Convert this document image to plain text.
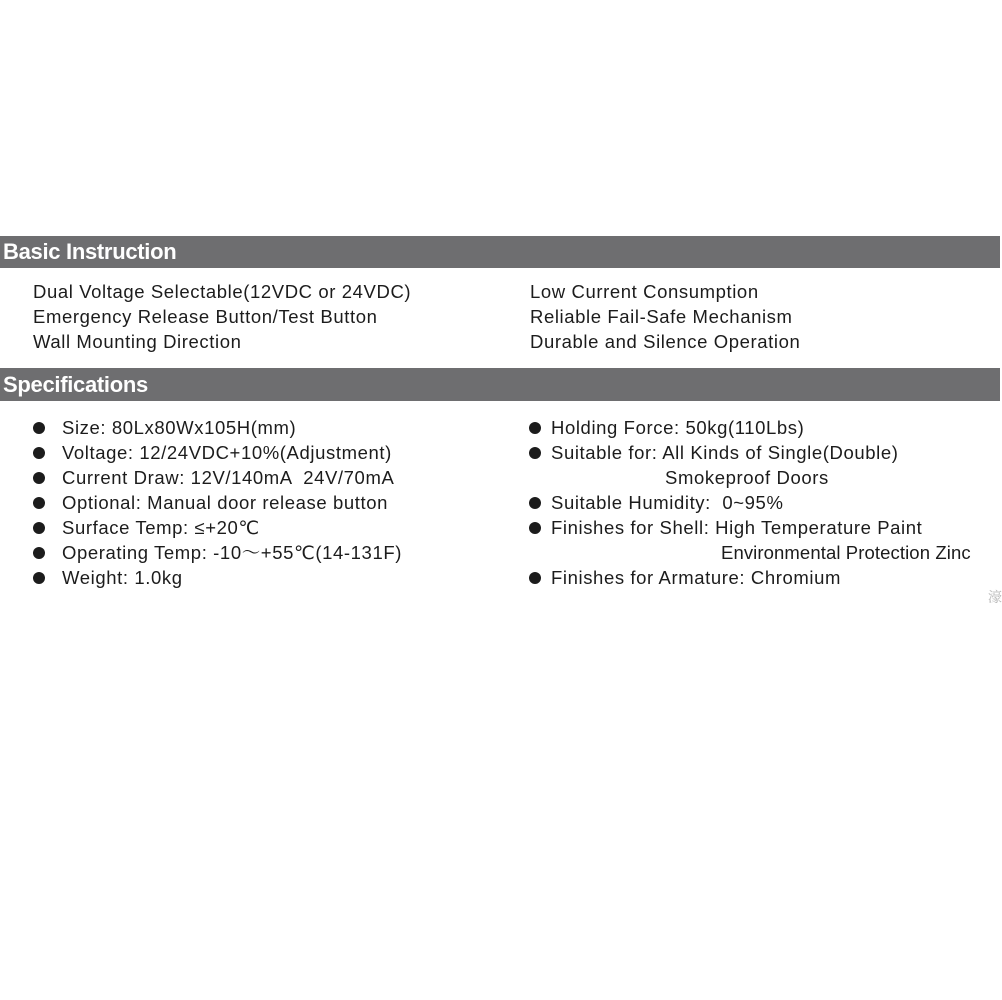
Basic Instruction
Dual Voltage Selectable(12VDC or 24VDC)
Emergency Release Button/Test Button
Wall Mounting Direction
Low Current Consumption
Reliable Fail-Safe Mechanism
Durable and Silence Operation
Specifications
Size: 80Lx80Wx105H(mm)
Voltage: 12/24VDC+10%(Adjustment)
Current Draw: 12V/140mA  24V/70mA
Optional: Manual door release button
Surface Temp: ≤+20℃
Operating Temp: -10～+55℃(14-131F)
Weight: 1.0kg
Holding Force: 50kg(110Lbs)
Suitable for: All Kinds of Single(Double)
Smokeproof Doors
Suitable Humidity:  0~95%
Finishes for Shell: High Temperature Paint
Environmental Protection Zinc
Finishes for Armature: Chromium
濠
